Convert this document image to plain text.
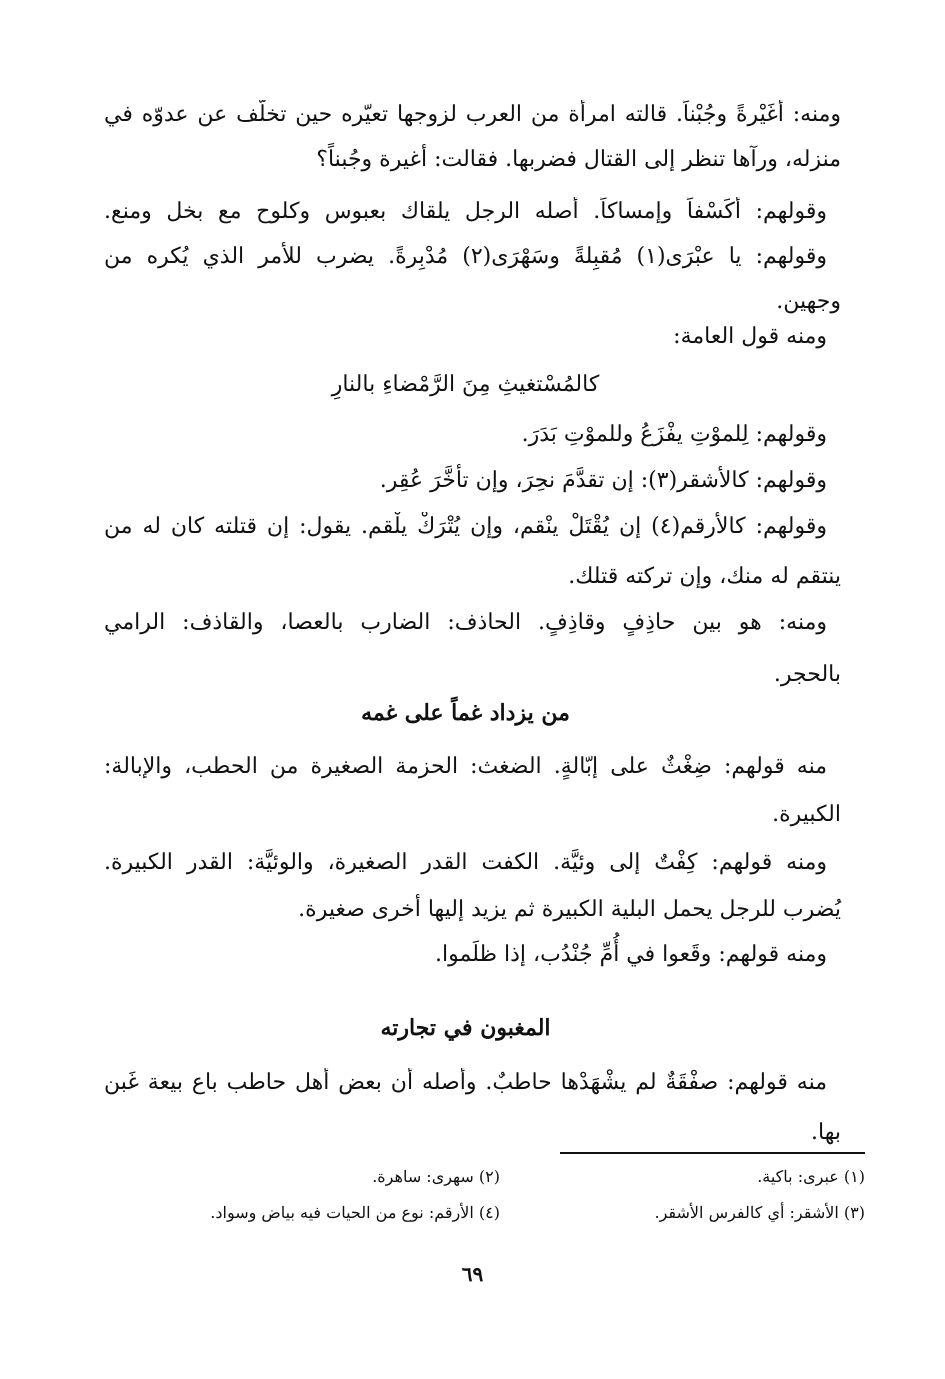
ومنه: أغَيْرةً وجُبْناً. قالته امرأة من العرب لزوجها تعيّره حين تخلّف عن عدوّه في
منزله، ورآها تنظر إلى القتال فضربها. فقالت: أغيرة وجُبناً؟
وقولهم: أكَسْفاً وإمساكاً. أصله الرجل يلقاك بعبوس وكلوح مع بخل ومنع.
وقولهم: يا عبْرَى(١) مُقبِلةً وسَهْرَى(٢) مُدْبِرةً. يضرب للأمر الذي يُكره من
وجهين.
ومنه قول العامة:
كالمُسْتغيثِ مِنَ الرَّمْضاءِ بالنارِ
وقولهم: لِلموْتِ يفْزَعُ وللموْتِ بَدَرَ.
وقولهم: كالأشقر(٣): إن تقدَّمَ نحِرَ، وإن تأخَّرَ عُقِر.
وقولهم: كالأرقم(٤) إن يُقْتَلْ ينْقم، وإن يُتْرَكْ يلْقم. يقول: إن قتلته كان له من
ينتقم له منك، وإن تركته قتلك.
ومنه: هو بين حاذِفٍ وقاذِفٍ. الحاذف: الضارب بالعصا، والقاذف: الرامي
بالحجر.
من يزداد غماً على غمه
منه قولهم: ضِغْثٌ على إبّالةٍ. الضغث: الحزمة الصغيرة من الحطب، والإبالة:
الكبيرة.
ومنه قولهم: كِفْتٌ إلى وئيَّة. الكفت القدر الصغيرة، والوئيَّة: القدر الكبيرة.
يُضرب للرجل يحمل البلية الكبيرة ثم يزيد إليها أخرى صغيرة.
ومنه قولهم: وقَعوا في أُمِّ جُنْدُب، إذا ظلَموا.
المغبون في تجارته
منه قولهم: صفْقَةٌ لم يشْهَدْها حاطبٌ. وأصله أن بعض أهل حاطب باع بيعة غَبن
بها.
(١) عبرى: باكية.
(٢) سهرى: ساهرة.
(٣) الأشقر: أي كالفرس الأشقر.
(٤) الأرقم: نوع من الحيات فيه بياض وسواد.
٦٩
